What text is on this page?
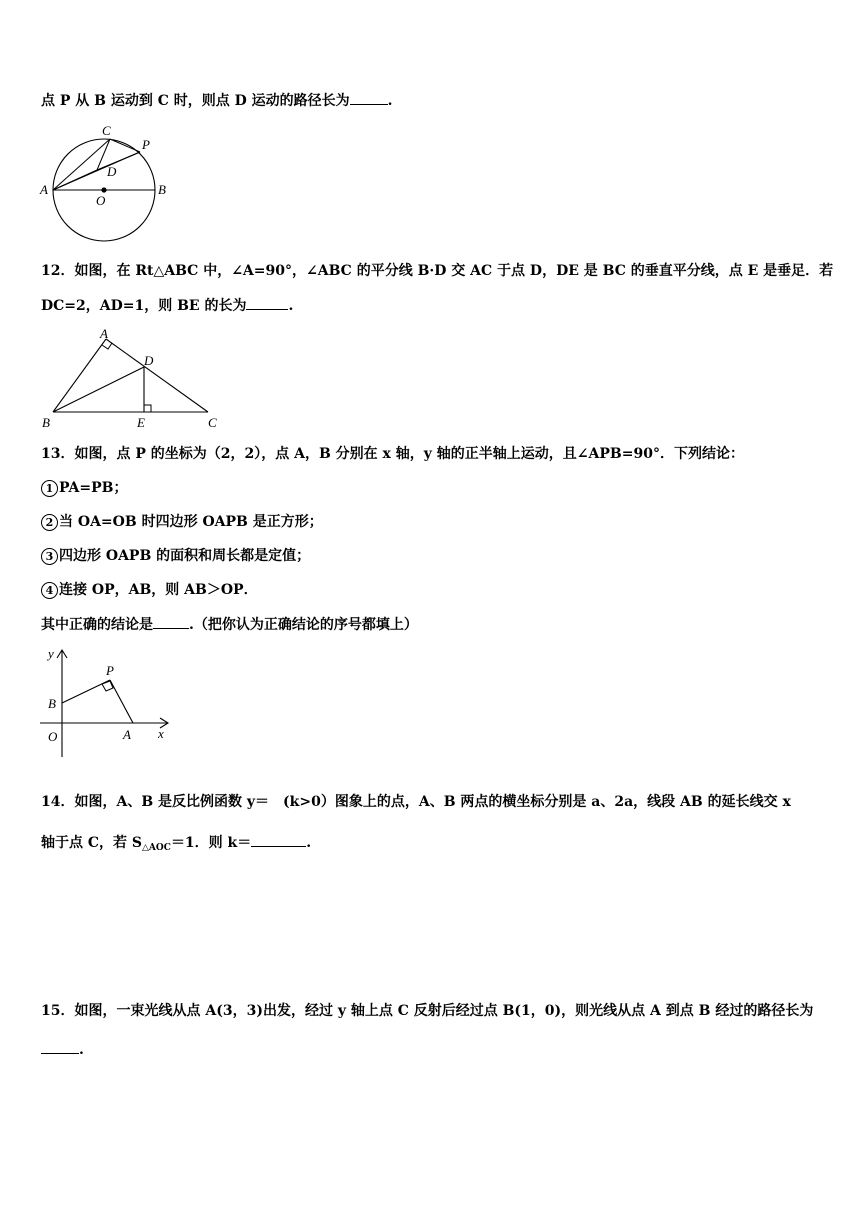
点 P 从 B 运动到 C 时，则点 D 运动的路径长为	.
A	B
C
P
D
O
12．如图，在 Rt△ABC 中，∠A=90°，∠ABC 的平分线 B·D 交 AC 于点 D，DE 是 BC 的垂直平分线，点 E 是垂足．若
DC=2，AD=1，则 BE 的长为	.
A
B	C
D
E
13．如图，点 P 的坐标为（2，2），点 A，B 分别在 x 轴，y 轴的正半轴上运动，且∠APB=90°．下列结论：
1 PA=PB；
2 当 OA=OB 时四边形 OAPB 是正方形；
3 四边形 OAPB 的面积和周长都是定值；
4 连接 OP，AB，则 AB＞OP．
其中正确的结论是	.（把你认为正确结论的序号都填上）
y
x
O	A
B
P
14．如图，A、B 是反比例函数 y＝　(k>0）图象上的点，A、B 两点的横坐标分别是 a、2a，线段 AB 的延长线交 x
轴于点 C，若 $S_{\triangle AOC}=1$．则 k＝	.
15．如图，一束光线从点 A(3，3)出发，经过 y 轴上点 C 反射后经过点 B(1，0)，则光线从点 A 到点 B 经过的路径长为
.
